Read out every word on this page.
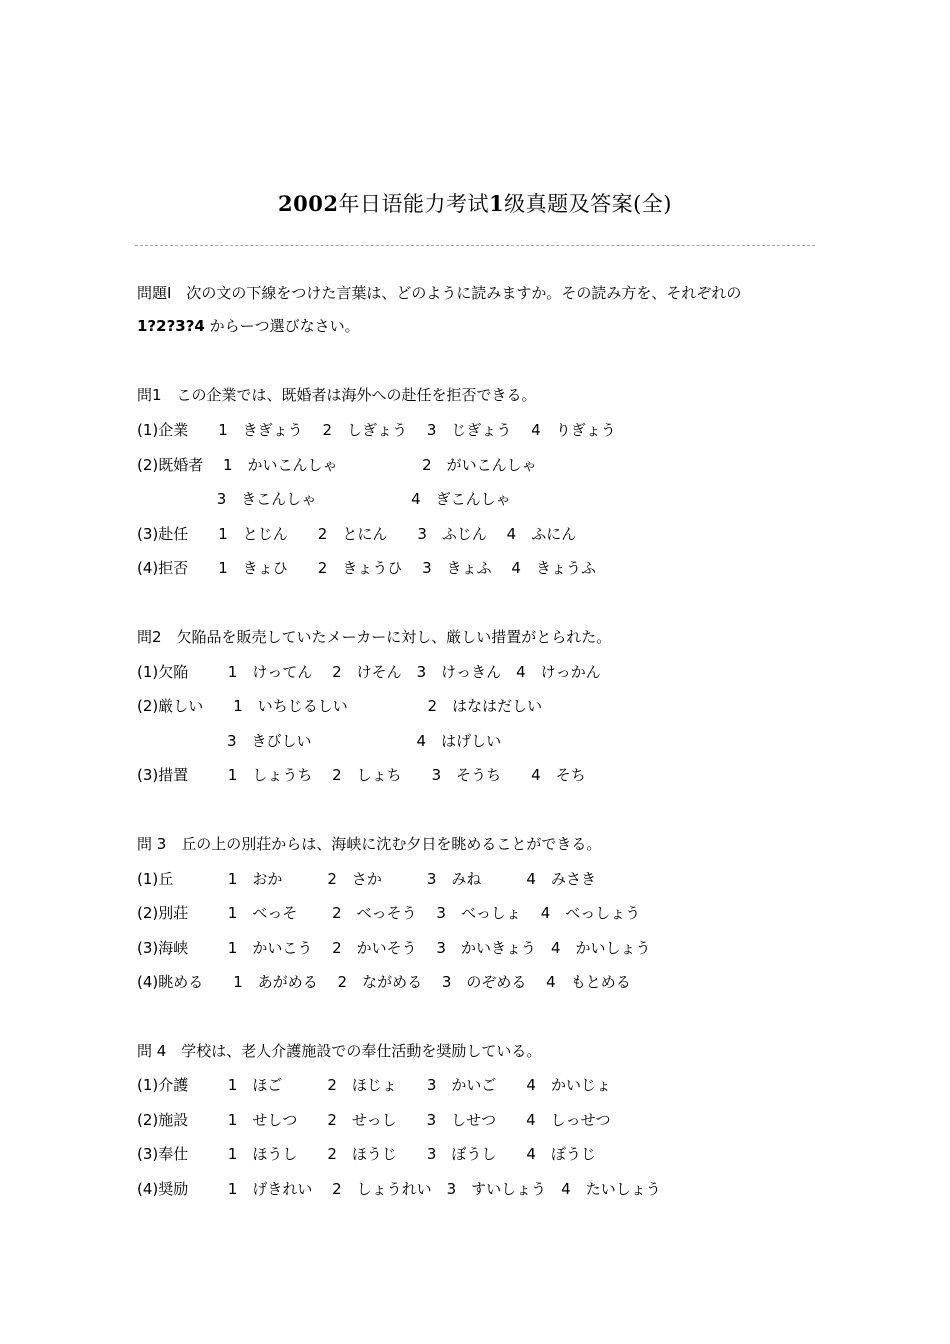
2002年日语能力考试1级真题及答案(全)
問題Ⅰ　次の文の下線をつけた言葉は、どのように読みますか。その読み方を、それぞれの
1?2?3?4 からーつ選びなさい。
問1　この企業では、既婚者は海外への赴任を拒否できる。
(1)企業　　1　きぎょう　 2　しぎょう　 3　じぎょう　 4　りぎょう
(2)既婚者　 1　かいこんしゃ　　　　　  2　がいこんしゃ
　　　　　 3　きこんしゃ　　　　　　 4　ぎこんしゃ
(3)赴任　　1　とじん　　2　とにん　　3　ふじん　 4　ふにん
(4)拒否　　1　きょひ　　2　きょうひ　 3　きょふ　 4　きょうふ
問2　欠陥品を販売していたメーカーに対し、厳しい措置がとられた。
(1)欠陥　　  1　けってん　 2　けそん　3　けっきん　4　けっかん
(2)厳しい　　1　いちじるしい　　　　　 2　はなはだしい
　　　　　　3　きびしい　　　　　　　4　はげしい
(3)措置　　  1　しょうち　 2　しょち　　3　そうち　　4　そち
問 3　丘の上の別荘からは、海峡に沈む夕日を眺めることができる。
(1)丘　　　  1　おか　　　2　さか　　　3　みね　　　4　みさき
(2)別荘　　  1　べっそ　　 2　べっそう　 3　べっしょ　 4　べっしょう
(3)海峡　　  1　かいこう　 2　かいそう　 3　かいきょう　4　かいしょう
(4)眺める　　1　あがめる　 2　ながめる　 3　のぞめる　 4　もとめる
問 4　学校は、老人介護施設での奉仕活動を奨励している。
(1)介護　　  1　ほご　　　2　ほじょ　　3　かいご　　4　かいじょ
(2)施設　　  1　せしつ　　2　せっし　　3　しせつ　　4　しっせつ
(3)奉仕　　  1　ほうし　　2　ほうじ　　3　ぼうし　　4　ぼうじ
(4)奨励　　  1　げきれい　 2　しょうれい　3　すいしょう　4　たいしょう
